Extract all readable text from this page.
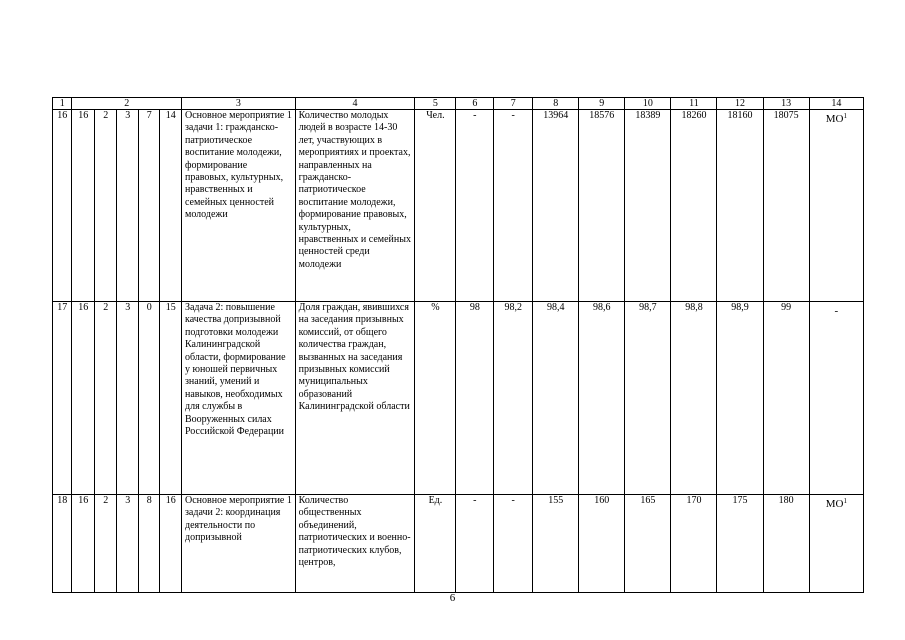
1	2					3	4	5	6	7	8	9	10	11	12	13	14
16	16	2	3	7	14	Основное мероприятие 1 задачи 1: гражданско-патриотическое воспитание молодежи, формирование правовых, культурных, нравственных и семейных ценностей молодежи	Количество молодых людей в возрасте 14-30 лет, участвующих в мероприятиях и проектах, направленных на гражданско-патриотическое воспитание молодежи, формирование правовых, культурных, нравственных и семейных ценностей среди молодежи	Чел.	-	-	13964	18576	18389	18260	18160	18075	МО$^1$
17	16	2	3	0	15	Задача 2: повышение качества допризывной подготовки молодежи Калининградской области, формирование у юношей первичных знаний, умений и навыков, необходимых для службы в Вооруженных силах Российской Федерации	Доля граждан, явившихся на заседания призывных комиссий, от общего количества граждан, вызванных на заседания призывных комиссий муниципальных образований Калининградской области	%	98	98,2	98,4	98,6	98,7	98,8	98,9	99	-
18	16	2	3	8	16	Основное мероприятие 1 задачи 2: координация деятельности по допризывной	Количество общественных объединений, патриотических и военно-патриотических клубов, центров,	Ед.	-	-	155	160	165	170	175	180	МО$^1$
6
